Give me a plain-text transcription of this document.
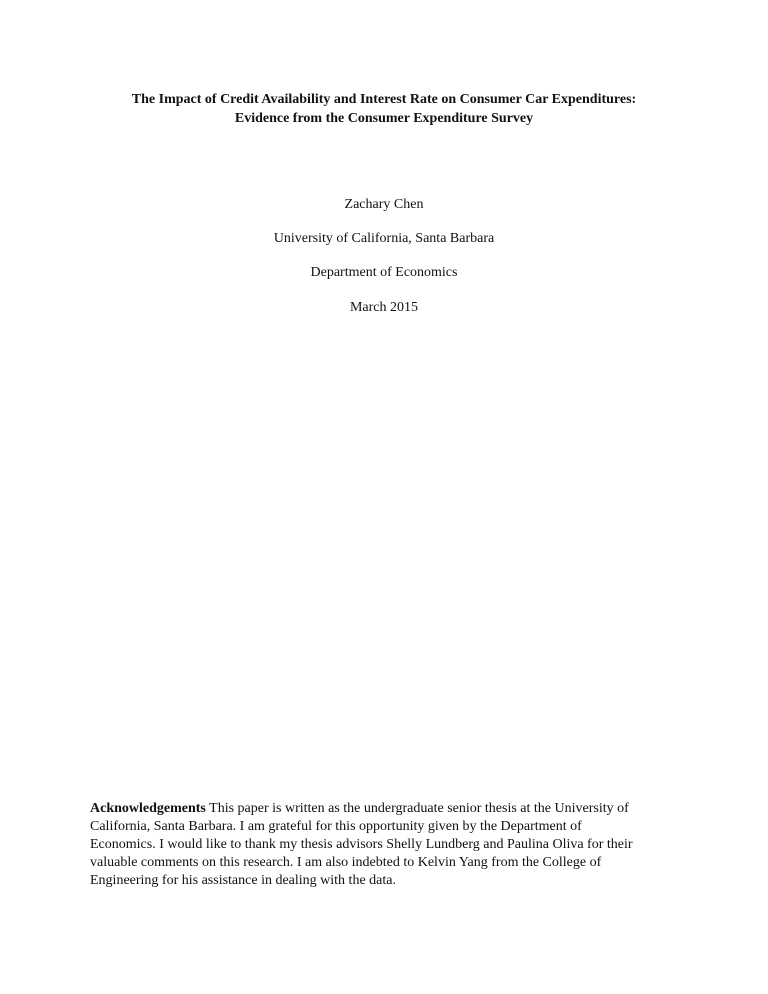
The Impact of Credit Availability and Interest Rate on Consumer Car Expenditures:
Evidence from the Consumer Expenditure Survey
Zachary Chen
University of California, Santa Barbara
Department of Economics
March 2015
Acknowledgements This paper is written as the undergraduate senior thesis at the University of
California, Santa Barbara. I am grateful for this opportunity given by the Department of
Economics. I would like to thank my thesis advisors Shelly Lundberg and Paulina Oliva for their
valuable comments on this research. I am also indebted to Kelvin Yang from the College of
Engineering for his assistance in dealing with the data.
